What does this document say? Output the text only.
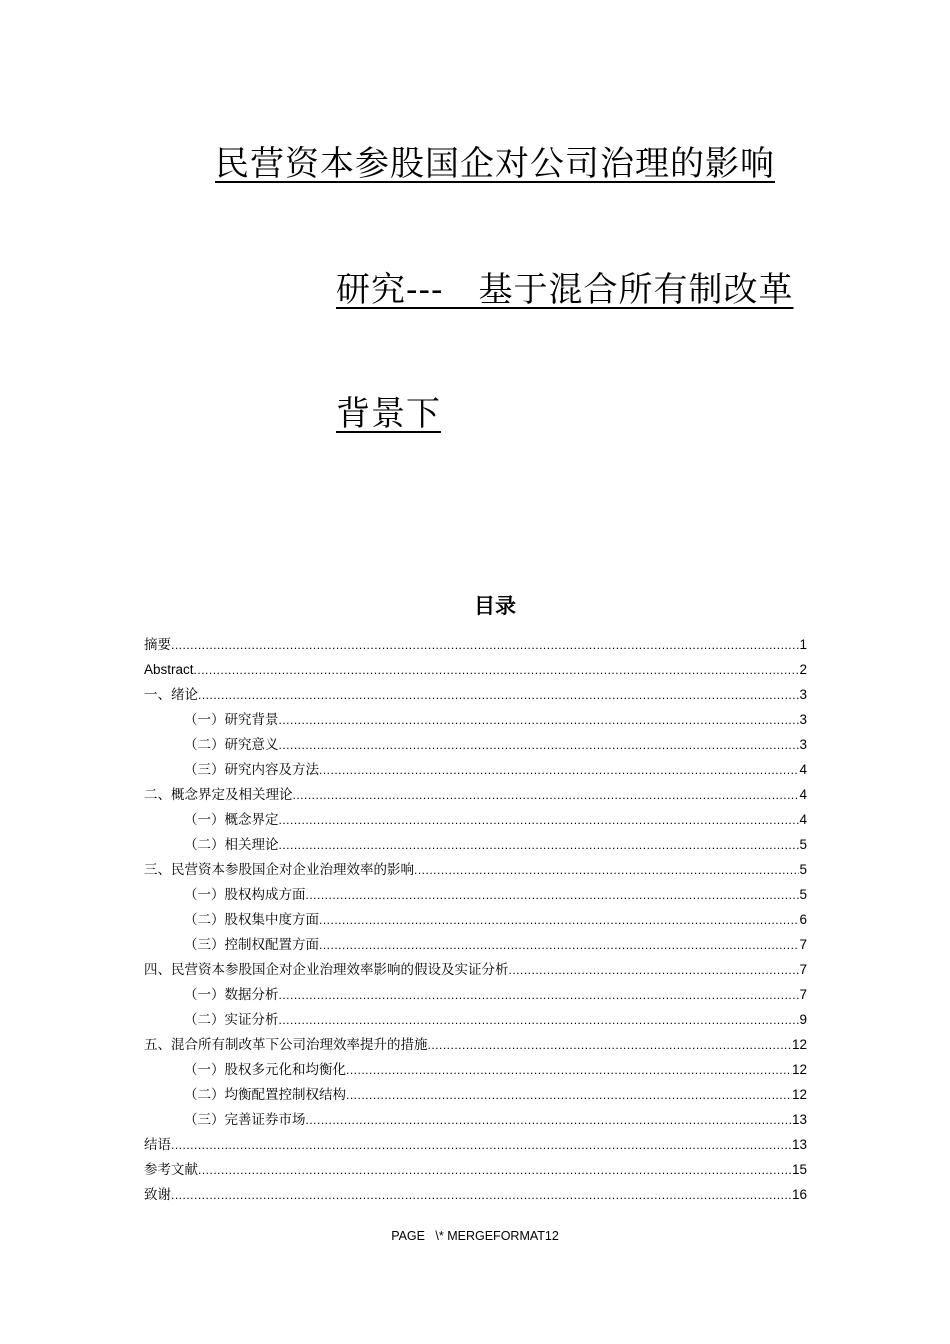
民营资本参股国企对公司治理的影响
研究---　基于混合所有制改革
背景下
目录
摘要 .....	1
Abstract .....	2
一、绪论 .....	3
（一）研究背景 .....	3
（二）研究意义 .....	3
（三）研究内容及方法 .....	4
二、概念界定及相关理论 .....	4
（一）概念界定 .....	4
（二）相关理论 .....	5
三、民营资本参股国企对企业治理效率的影响 .....	5
（一）股权构成方面 .....	5
（二）股权集中度方面 .....	6
（三）控制权配置方面 .....	7
四、民营资本参股国企对企业治理效率影响的假设及实证分析 .....	7
（一）数据分析 .....	7
（二）实证分析 .....	9
五、混合所有制改革下公司治理效率提升的措施 .....	12
（一）股权多元化和均衡化 .....	12
（二）均衡配置控制权结构 .....	12
（三）完善证券市场 .....	13
结语 .....	13
参考文献 .....	15
致谢 .....	16
PAGE   \* MERGEFORMAT12
